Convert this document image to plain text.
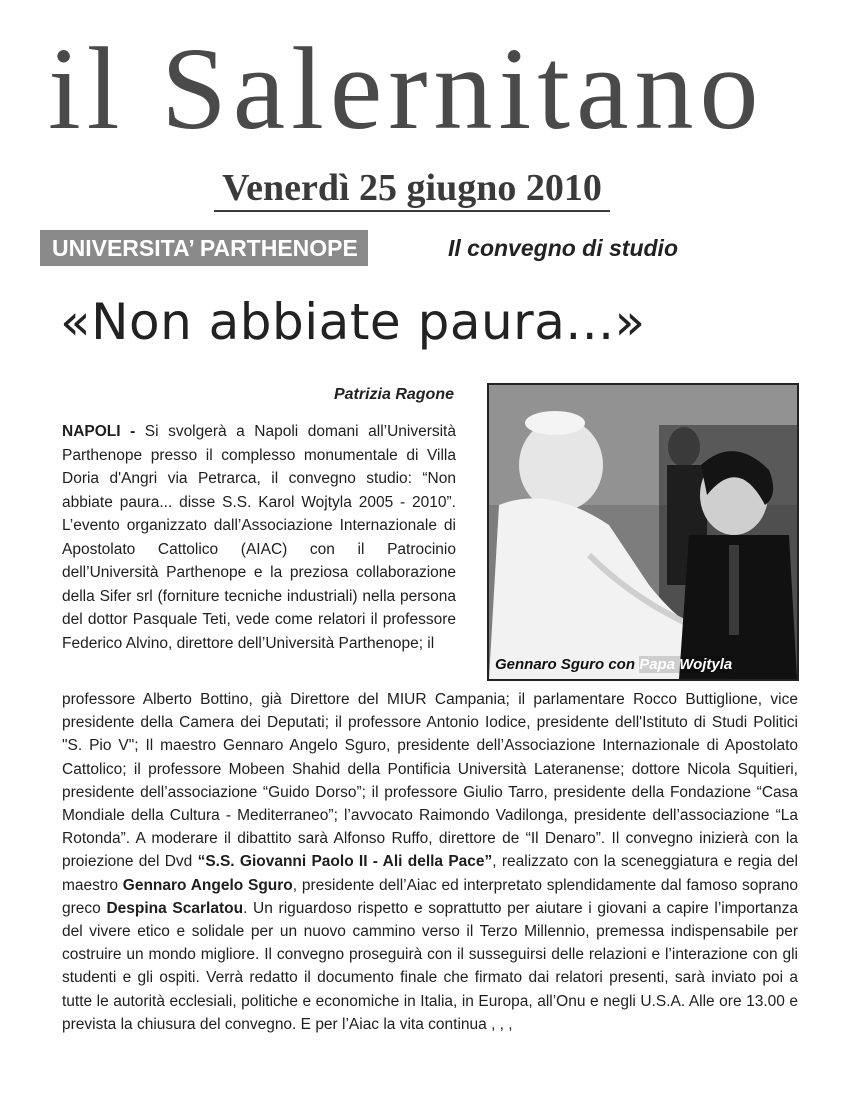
il Salernitano
Venerdì 25 giugno 2010
UNIVERSITA’ PARTHENOPE	Il convegno di studio
«Non abbiate paura...»
Patrizia Ragone

NAPOLI - Si svolgerà a Napoli domani all’Università Parthenope presso il complesso monumentale di Villa Doria d'Angri via Petrarca, il convegno studio: “Non abbiate paura... disse S.S. Karol Wojtyla 2005 - 2010”. L’evento organizzato dall’Associazione Internazionale di Apostolato Cattolico (AIAC) con il Patrocinio dell’Università Parthenope e la preziosa collaborazione della Sifer srl (forniture tecniche industriali) nella persona del dottor Pasquale Teti, vede come relatori il professore Federico Alvino, direttore dell’Università Parthenope; il

Gennaro Sguro con Papa Wojtyla

professore Alberto Bottino, già Direttore del MIUR Campania; il parlamentare Rocco Buttiglione, vice presidente della Camera dei Deputati; il professore Antonio Iodice, presidente dell'Istituto di Studi Politici "S. Pio V"; Il maestro Gennaro Angelo Sguro, presidente dell’Associazione Internazionale di Apostolato Cattolico; il professore Mobeen Shahid della Pontificia Università Lateranense; dottore Nicola Squitieri, presidente dell’associazione “Guido Dorso”; il professore Giulio Tarro, presidente della Fondazione “Casa Mondiale della Cultura - Mediterraneo”; l’avvocato Raimondo Vadilonga, presidente dell’associazione “La Rotonda”. A moderare il dibattito sarà Alfonso Ruffo, direttore de “Il Denaro”. Il convegno inizierà con la proiezione del Dvd “S.S. Giovanni Paolo II - Ali della Pace”, realizzato con la sceneggiatura e regia del maestro Gennaro Angelo Sguro, presidente dell’Aiac ed interpretato splendidamente dal famoso soprano greco Despina Scarlatou. Un riguardoso rispetto e soprattutto per aiutare i giovani a capire l’importanza del vivere etico e solidale per un nuovo cammino verso il Terzo Millennio, premessa indispensabile per costruire un mondo migliore. Il convegno proseguirà con il susseguirsi delle relazioni e l’interazione con gli studenti e gli ospiti. Verrà redatto il documento finale che firmato dai relatori presenti, sarà inviato poi a tutte le autorità ecclesiali, politiche e economiche in Italia, in Europa, all’Onu e negli U.S.A. Alle ore 13.00 e prevista la chiusura del convegno. E per l’Aiac la vita continua , , ,
